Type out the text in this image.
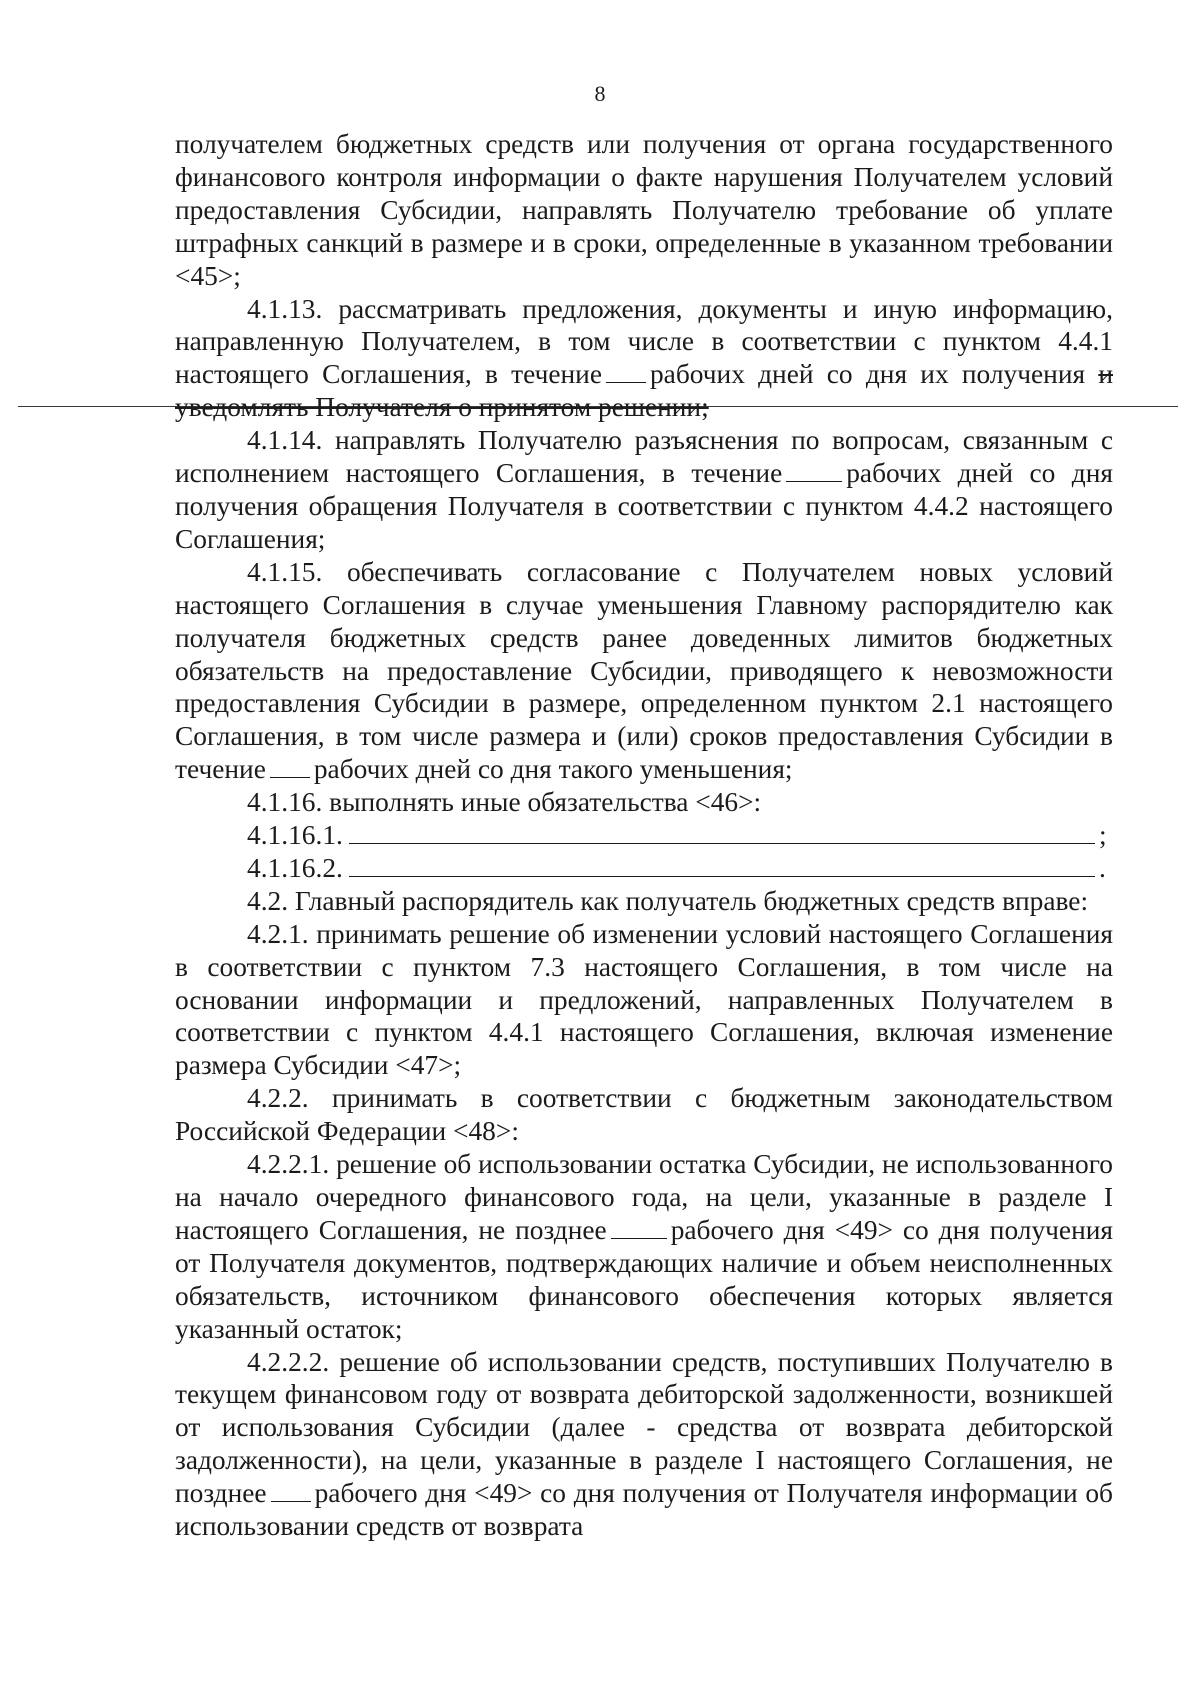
8

получателем бюджетных средств или получения от органа государственного финансового контроля информации о факте нарушения Получателем условий предоставления Субсидии, направлять Получателю требование об уплате штрафных санкций в размере и в сроки, определенные в указанном требовании <45>;

4.1.13. рассматривать предложения, документы и иную информацию, направленную Получателем, в том числе в соответствии с пунктом 4.4.1 настоящего Соглашения, в течение рабочих дней со дня их получения и уведомлять Получателя о принятом решении;

4.1.14. направлять Получателю разъяснения по вопросам, связанным с исполнением настоящего Соглашения, в течение рабочих дней со дня получения обращения Получателя в соответствии с пунктом 4.4.2 настоящего Соглашения;

4.1.15. обеспечивать согласование с Получателем новых условий настоящего Соглашения в случае уменьшения Главному распорядителю как получателя бюджетных средств ранее доведенных лимитов бюджетных обязательств на предоставление Субсидии, приводящего к невозможности предоставления Субсидии в размере, определенном пунктом 2.1 настоящего Соглашения, в том числе размера и (или) сроков предоставления Субсидии в течение рабочих дней со дня такого уменьшения;

4.1.16. выполнять иные обязательства <46>:

4.1.16.1.	;
4.1.16.2.	.

4.2. Главный распорядитель как получатель бюджетных средств вправе:

4.2.1. принимать решение об изменении условий настоящего Соглашения в соответствии с пунктом 7.3 настоящего Соглашения, в том числе на основании информации и предложений, направленных Получателем в соответствии с пунктом 4.4.1 настоящего Соглашения, включая изменение размера Субсидии <47>;

4.2.2. принимать в соответствии с бюджетным законодательством Российской Федерации <48>:

4.2.2.1. решение об использовании остатка Субсидии, не использованного на начало очередного финансового года, на цели, указанные в разделе I настоящего Соглашения, не позднее рабочего дня <49> со дня получения от Получателя документов, подтверждающих наличие и объем неисполненных обязательств, источником финансового обеспечения которых является указанный остаток;

4.2.2.2. решение об использовании средств, поступивших Получателю в текущем финансовом году от возврата дебиторской задолженности, возникшей от использования Субсидии (далее - средства от возврата дебиторской задолженности), на цели, указанные в разделе I настоящего Соглашения, не позднее рабочего дня <49> со дня получения от Получателя информации об использовании средств от возврата
